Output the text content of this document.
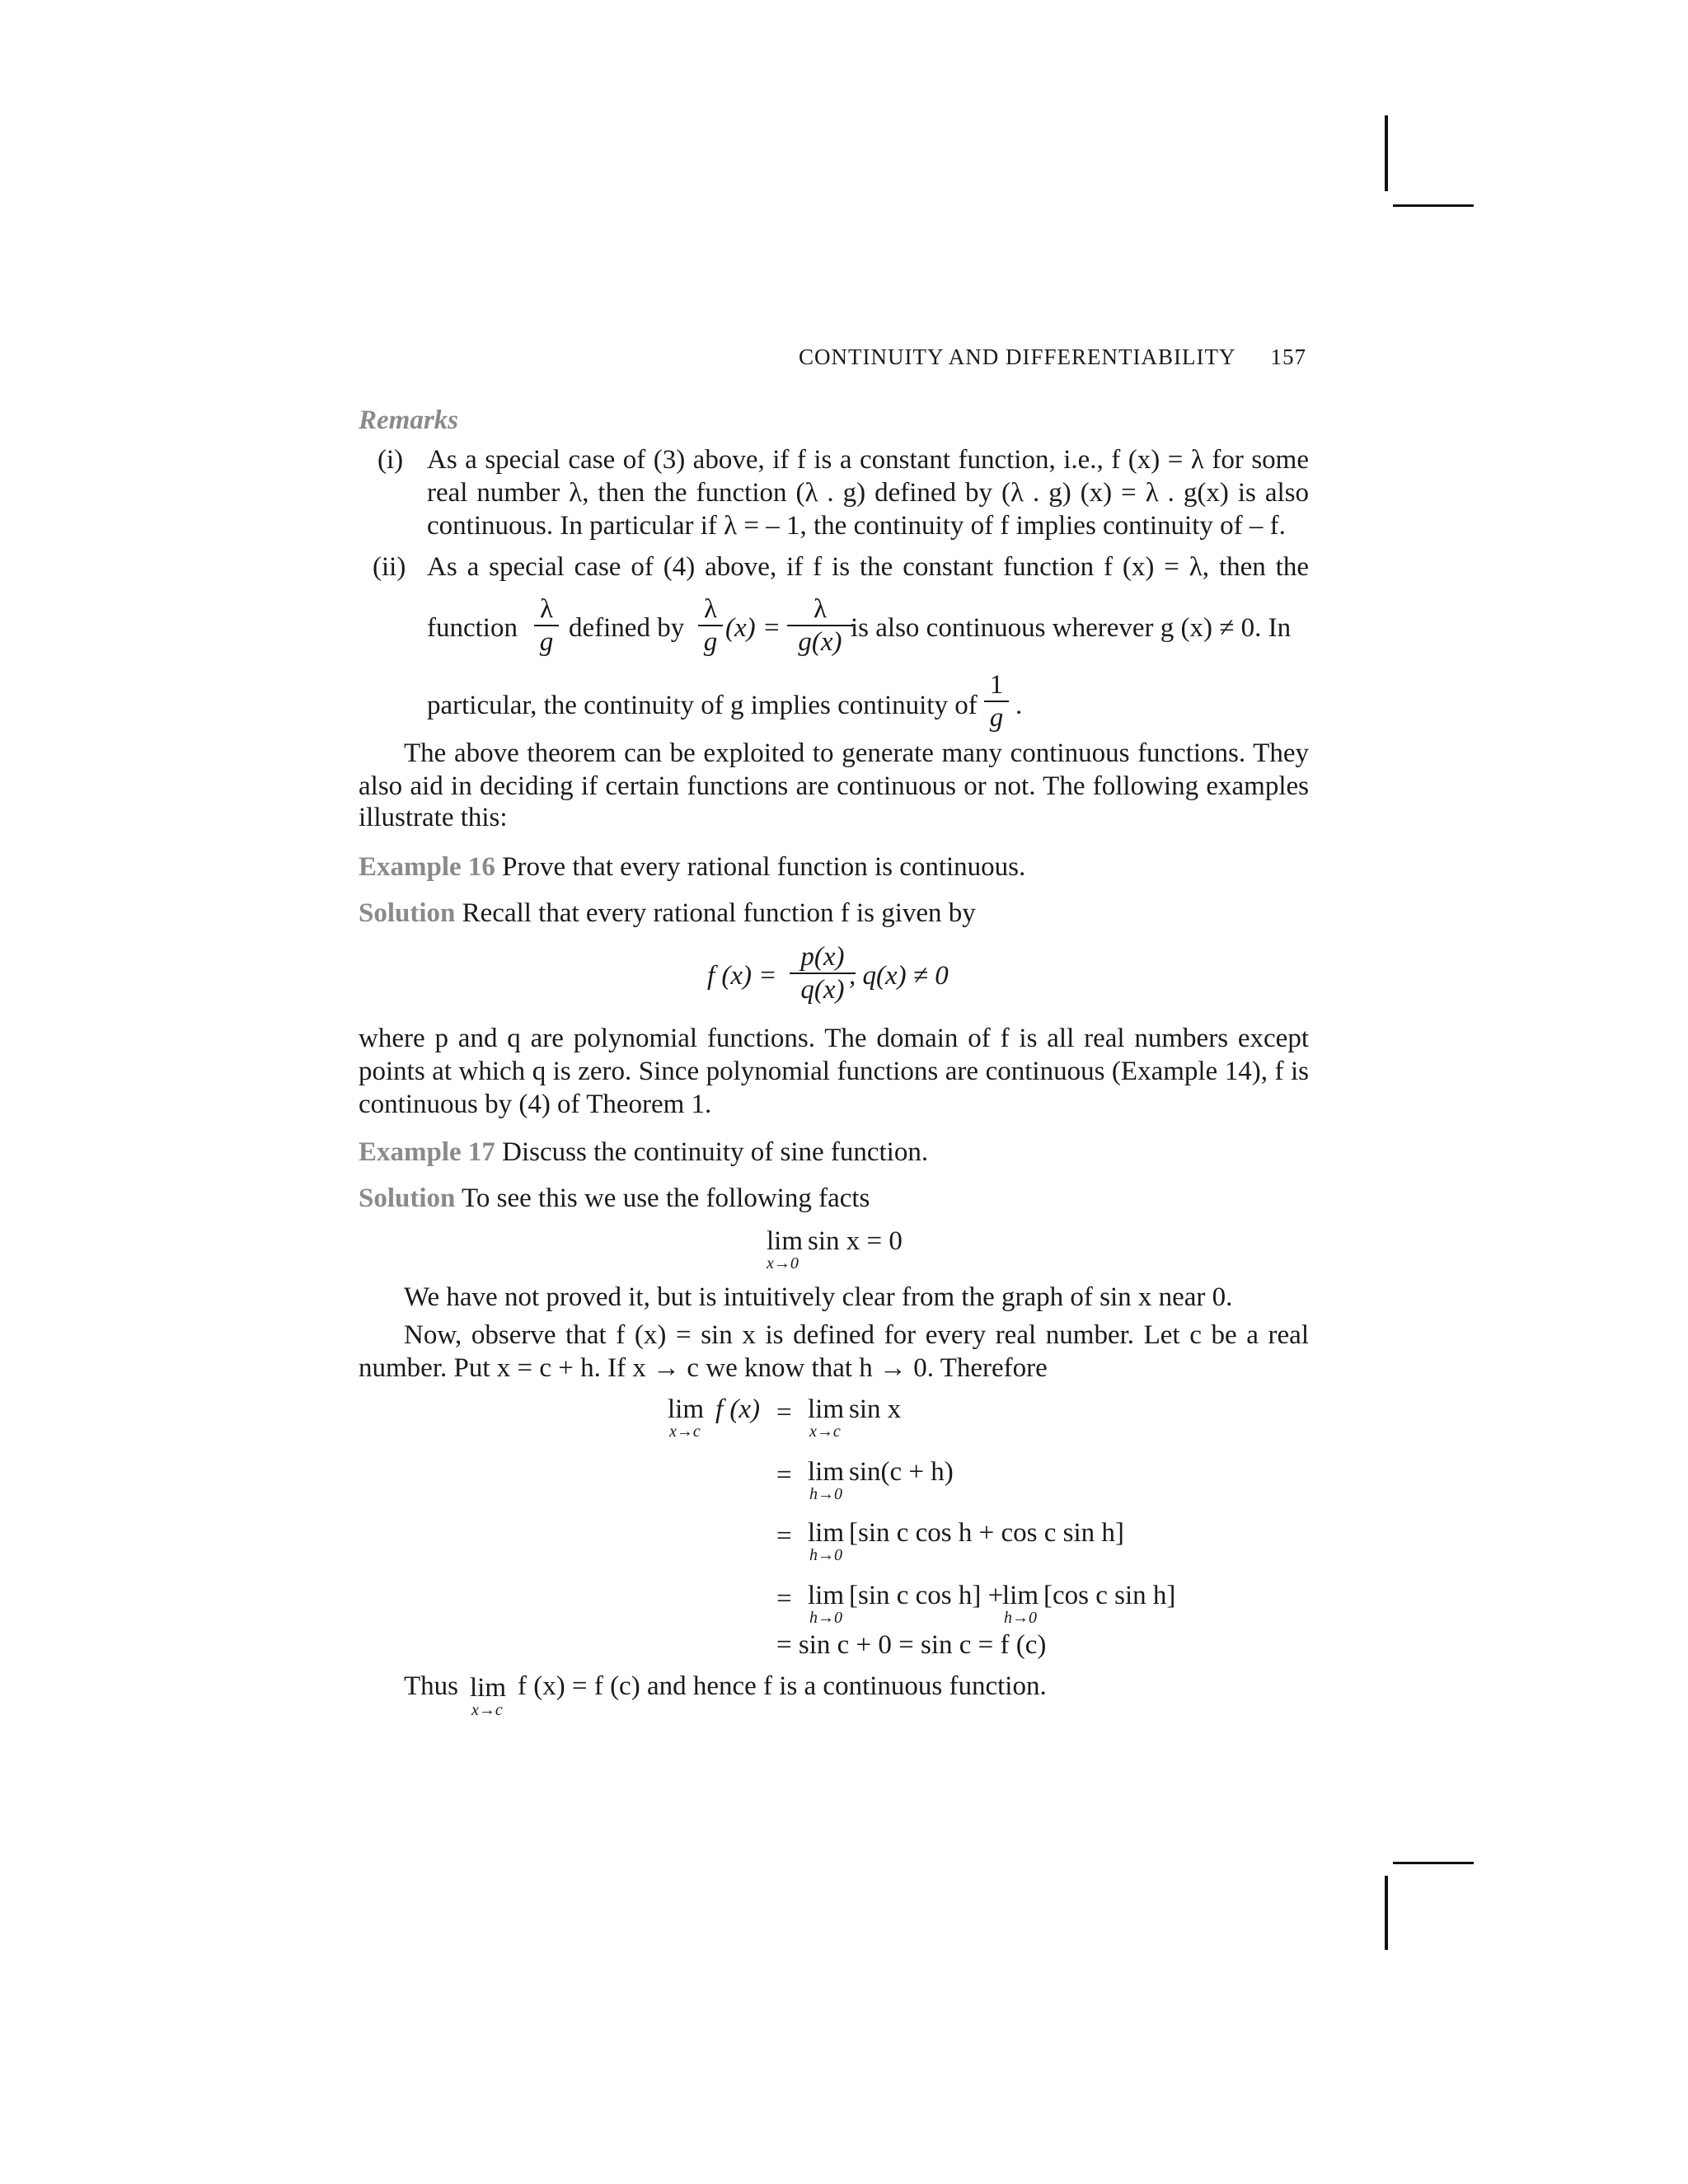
CONTINUITY AND DIFFERENTIABILITY 157
Remarks
(i) As a special case of (3) above, if f is a constant function, i.e., f (x) = λ for some
real number λ, then the function (λ . g) defined by (λ . g) (x) = λ . g(x) is also
continuous. In particular if λ = – 1, the continuity of f implies continuity of – f.
(ii) As a special case of (4) above, if f is the constant function f (x) = λ, then the
function $\frac{\lambda}{g}$ defined by $\frac{\lambda}{g} (x) = \frac{\lambda}{g(x)}$
is also continuous wherever g (x) ≠ 0. In
particular, the continuity of g implies continuity of $\frac{1}{g}$ .
The above theorem can be exploited to generate many continuous functions. They
also aid in deciding if certain functions are continuous or not. The following examples
illustrate this:
Example 16 Prove that every rational function is continuous.
Solution Recall that every rational function f is given by
f $(x) = \frac{p(x)}{q(x)}$
, q(x) ≠ 0
where p and q are polynomial functions. The domain of f is all real numbers except
points at which q is zero. Since polynomial functions are continuous (Example 14), f is
continuous by (4) of Theorem 1.
Example 17 Discuss the continuity of sine function.
Solution To see this we use the following facts
lim sin x = 0
x→0
We have not proved it, but is intuitively clear from the graph of sin x near 0.
Now, observe that f (x) = sin x is defined for every real number. Let c be a real
number. Put x = c + h. If x → c we know that h → 0. Therefore
lim f (x)
x→c
= lim sin x
x→c
= lim sin(c + h)
h→0
= lim [sin c cos h + cos c sin h]
h→0
= lim [sin c cos h] +
h→0
lim [cos c sin h]
h→0
= sin c + 0 = sin c = f (c)
Thus lim
x→c
f (x) = f (c) and hence f is a continuous function.
